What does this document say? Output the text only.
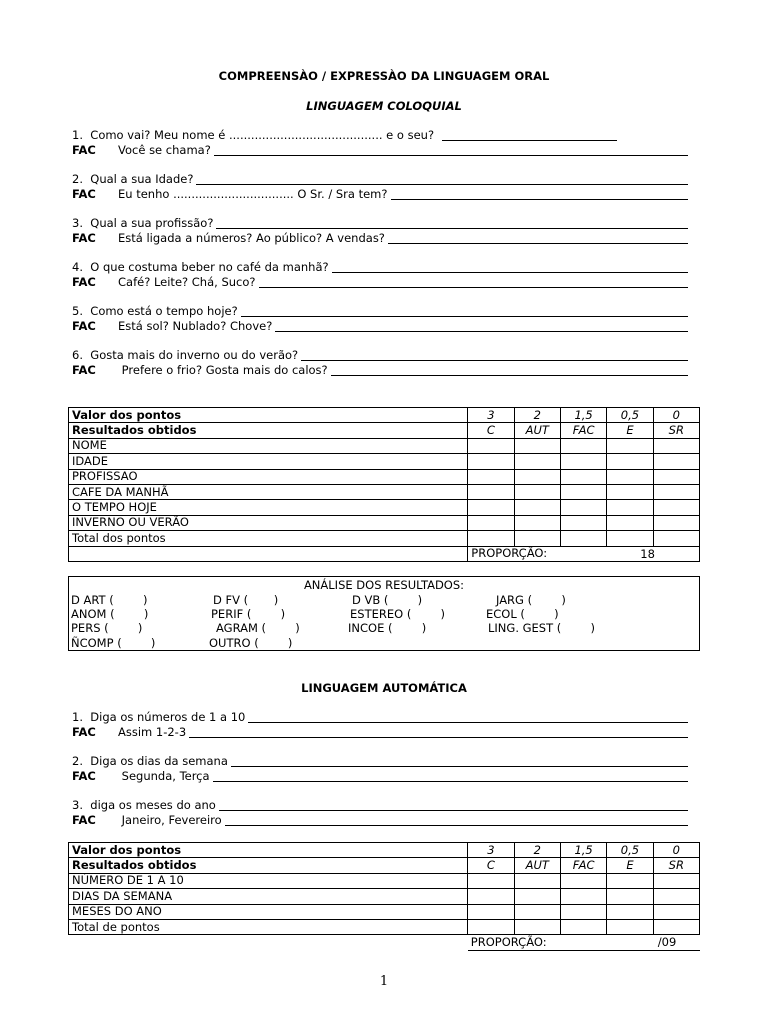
COMPREENSÀO / EXPRESSÀO DA LINGUAGEM ORAL
LINGUAGEM COLOQUIAL
1.  Como vai? Meu nome é .......................................... e o seu?
FAC	Você se chama?
2.  Qual a sua Idade?
FAC	Eu tenho ................................. O Sr. / Sra tem?
3.  Qual a sua profissão?
FAC	Está ligada a números? Ao público? A vendas?
4.  O que costuma beber no café da manhã?
FAC	Café? Leite? Chá, Suco?
5.  Como está o tempo hoje?
FAC	Está sol? Nublado? Chove?
6.  Gosta mais do inverno ou do verão?
FAC	Prefere o frio? Gosta mais do calos?
Valor dos pontos	3	2	1,5	0,5	0
Resultados obtidos	C	AUT	FAC	E	SR
NOME					
IDADE					
PROFISSAO					
CAFE DA MANHÃ					
O TEMPO HOJE					
INVERNO OU VERÃO					
Total dos pontos					
	PROPORÇÃO: 18				
ANÁLISE DOS RESULTADOS:
D ART (        )	D FV (       )	D VB (        )	JARG (        )
ANOM (        )	PERIF (        )	ESTEREO (        )	ECOL (        )
PERS (        )	AGRAM (        )	INCOE (        )	LING. GEST (        )
ÑCOMP (        )	OUTRO (        )
LINGUAGEM AUTOMÁTICA
1.  Diga os números de 1 a 10
FAC	Assim 1-2-3
2.  Diga os dias da semana
FAC	Segunda, Terça
3.  diga os meses do ano
FAC	Janeiro, Fevereiro
Valor dos pontos	3	2	1,5	0,5	0
Resultados obtidos	C	AUT	FAC	E	SR
NÚMERO DE 1 A 10					
DIAS DA SEMANA					
MESES DO ANO					
Total de pontos					
	PROPORÇÃO: /09				
1
